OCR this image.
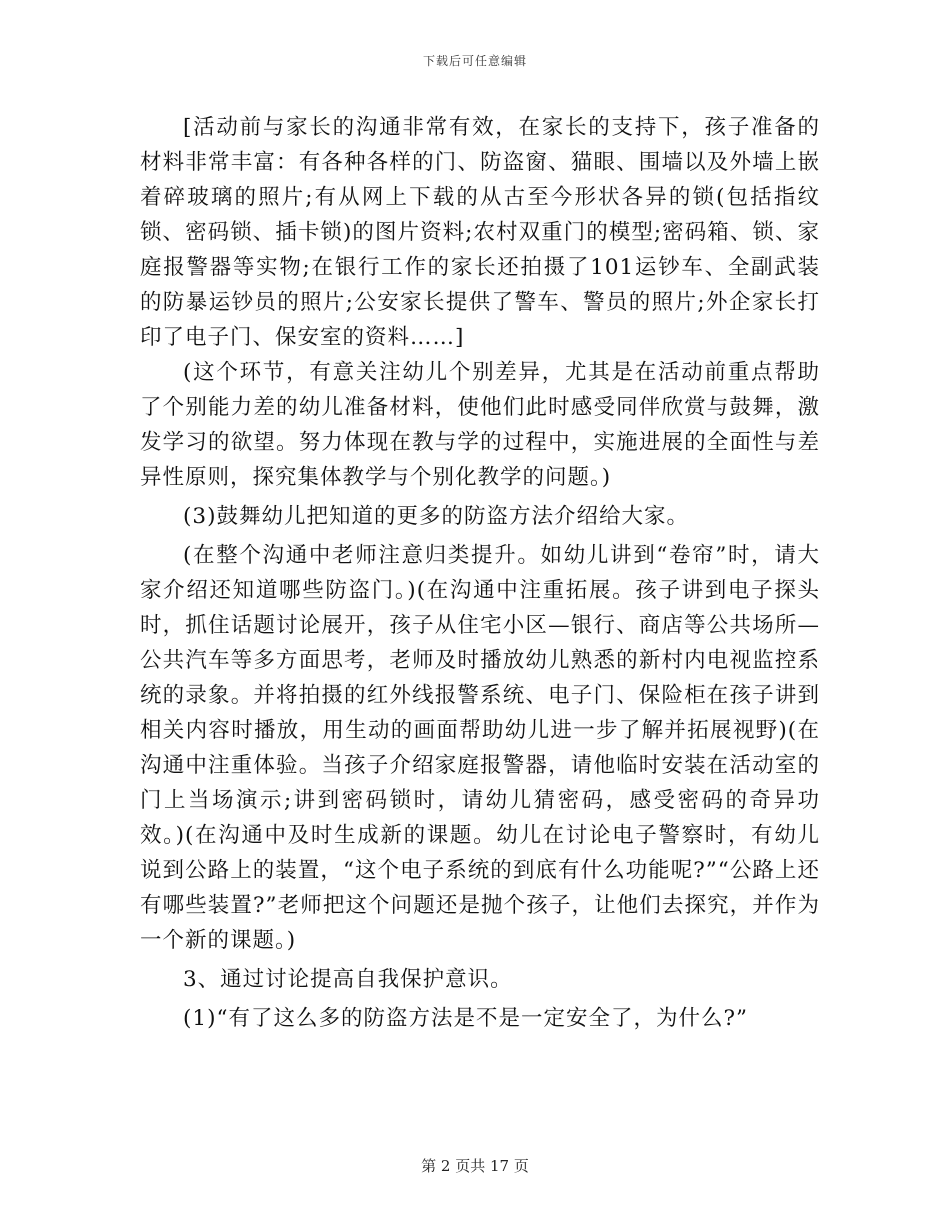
下载后可任意编辑

[活动前与家长的沟通非常有效，在家长的支持下，孩子准备的材料非常丰富：有各种各样的门、防盗窗、猫眼、围墙以及外墙上嵌着碎玻璃的照片;有从网上下载的从古至今形状各异的锁(包括指纹锁、密码锁、插卡锁)的图片资料;农村双重门的模型;密码箱、锁、家庭报警器等实物;在银行工作的家长还拍摄了101运钞车、全副武装的防暴运钞员的照片;公安家长提供了警车、警员的照片;外企家长打印了电子门、保安室的资料……]

(这个环节，有意关注幼儿个别差异，尤其是在活动前重点帮助了个别能力差的幼儿准备材料，使他们此时感受同伴欣赏与鼓舞，激发学习的欲望。努力体现在教与学的过程中，实施进展的全面性与差异性原则，探究集体教学与个别化教学的问题。)

(3)鼓舞幼儿把知道的更多的防盗方法介绍给大家。

(在整个沟通中老师注意归类提升。如幼儿讲到“卷帘”时，请大家介绍还知道哪些防盗门。)(在沟通中注重拓展。孩子讲到电子探头时，抓住话题讨论展开，孩子从住宅小区—银行、商店等公共场所—公共汽车等多方面思考，老师及时播放幼儿熟悉的新村内电视监控系统的录象。并将拍摄的红外线报警系统、电子门、保险柜在孩子讲到相关内容时播放，用生动的画面帮助幼儿进一步了解并拓展视野)(在沟通中注重体验。当孩子介绍家庭报警器，请他临时安装在活动室的门上当场演示;讲到密码锁时，请幼儿猜密码，感受密码的奇异功效。)(在沟通中及时生成新的课题。幼儿在讨论电子警察时，有幼儿说到公路上的装置，“这个电子系统的到底有什么功能呢?”“公路上还有哪些装置?”老师把这个问题还是抛个孩子，让他们去探究，并作为一个新的课题。)

3、通过讨论提高自我保护意识。

(1)“有了这么多的防盗方法是不是一定安全了，为什么?”

第 2 页共 17 页
